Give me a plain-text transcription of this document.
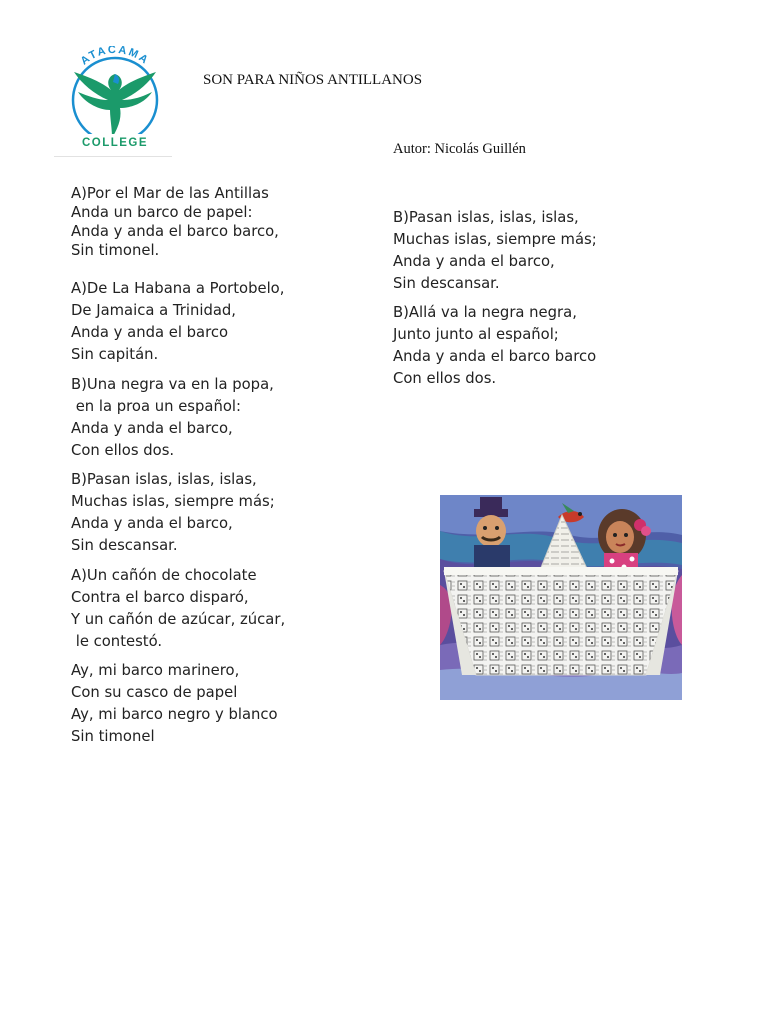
ATACAMA
COLLEGE
SON PARA NIÑOS ANTILLANOS
Autor: Nicolás Guillén
A)Por el Mar de las Antillas
Anda un barco de papel:
Anda y anda el barco barco,
Sin timonel.
A)De La Habana a Portobelo,
De Jamaica a Trinidad,
Anda y anda el barco
Sin capitán.
B)Una negra va en la popa,
en la proa un español:
Anda y anda el barco,
Con ellos dos.
B)Pasan islas, islas, islas,
Muchas islas, siempre más;
Anda y anda el barco,
Sin descansar.
A)Un cañón de chocolate
Contra el barco disparó,
Y un cañón de azúcar, zúcar,
le contestó.
Ay, mi barco marinero,
Con su casco de papel
Ay, mi barco negro y blanco
Sin timonel
B)Pasan islas, islas, islas,
Muchas islas, siempre más;
Anda y anda el barco,
Sin descansar.
B)Allá va la negra negra,
Junto junto al español;
Anda y anda el barco barco
Con ellos dos.
